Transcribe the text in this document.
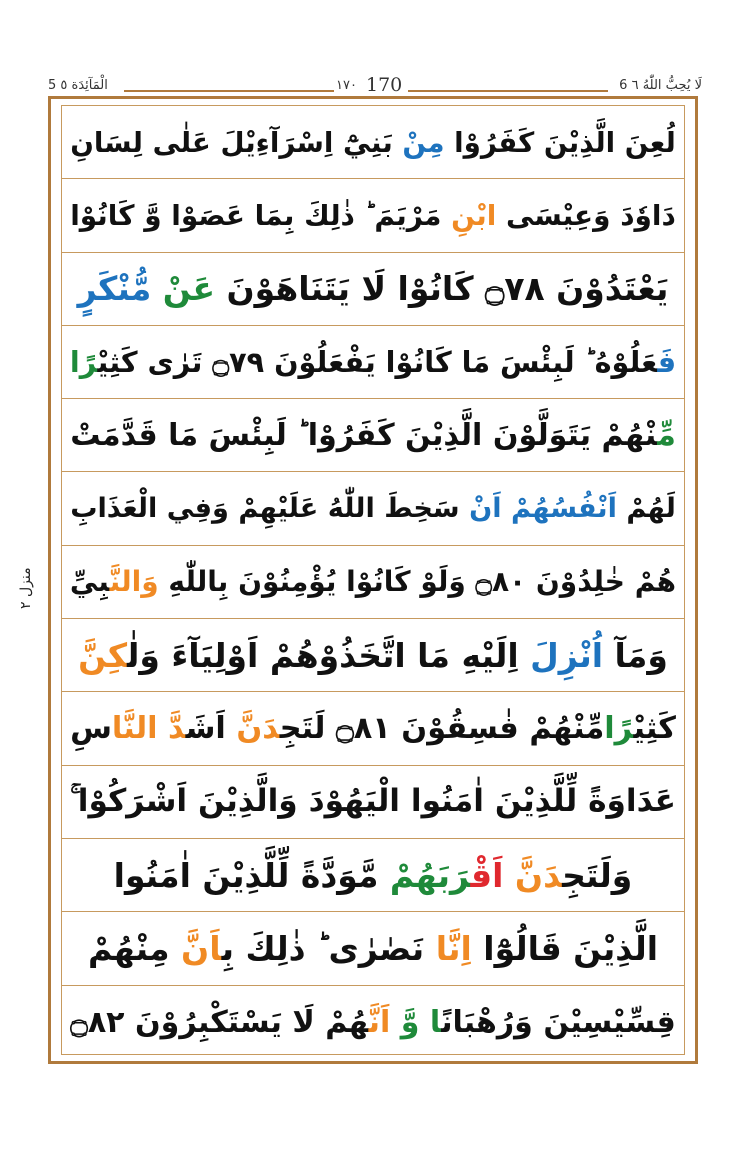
6 لَا يُحِبُّ اللّٰهُ ٦
١٧٠ 170
5 الْمَآئِدَة ٥
منزل ٢
لُعِنَ الَّذِيْنَ كَفَرُوْا مِنْ بَنِيْٓ اِسْرَآءِيْلَ عَلٰى لِسَانِ
دَاوٗدَ وَعِيْسَى ابْنِ مَرْيَمَ ؕ ذٰلِكَ بِمَا عَصَوْا وَّ كَانُوْا
يَعْتَدُوْنَ ۝٧٨ كَانُوْا لَا يَتَنَاهَوْنَ عَنْ مُّنْكَرٍ
فَعَلُوْهُ ؕ لَبِئْسَ مَا كَانُوْا يَفْعَلُوْنَ ۝٧٩ تَرٰى كَثِيْرًا
مِّنْهُمْ يَتَوَلَّوْنَ الَّذِيْنَ كَفَرُوْا ؕ لَبِئْسَ مَا قَدَّمَتْ
لَهُمْ اَنْفُسُهُمْ اَنْ سَخِطَ اللّٰهُ عَلَيْهِمْ وَفِي الْعَذَابِ
هُمْ خٰلِدُوْنَ ۝٨٠ وَلَوْ كَانُوْا يُؤْمِنُوْنَ بِاللّٰهِ وَالنَّبِيِّ
وَمَآ اُنْزِلَ اِلَيْهِ مَا اتَّخَذُوْهُمْ اَوْلِيَآءَ وَلٰكِنَّ
كَثِيْرًامِّنْهُمْ فٰسِقُوْنَ ۝٨١ لَتَجِدَنَّ اَشَدَّ النَّاسِ
عَدَاوَةً لِّلَّذِيْنَ اٰمَنُوا الْيَهُوْدَ وَالَّذِيْنَ اَشْرَكُوْا ۚ
وَلَتَجِدَنَّ اَقْرَبَهُمْ مَّوَدَّةً لِّلَّذِيْنَ اٰمَنُوا
الَّذِيْنَ قَالُوْٓا اِنَّا نَصٰرٰى ؕ ذٰلِكَ بِاَنَّ مِنْهُمْ
قِسِّيْسِيْنَ وَرُهْبَانًا وَّ اَنَّهُمْ لَا يَسْتَكْبِرُوْنَ ۝٨٢
